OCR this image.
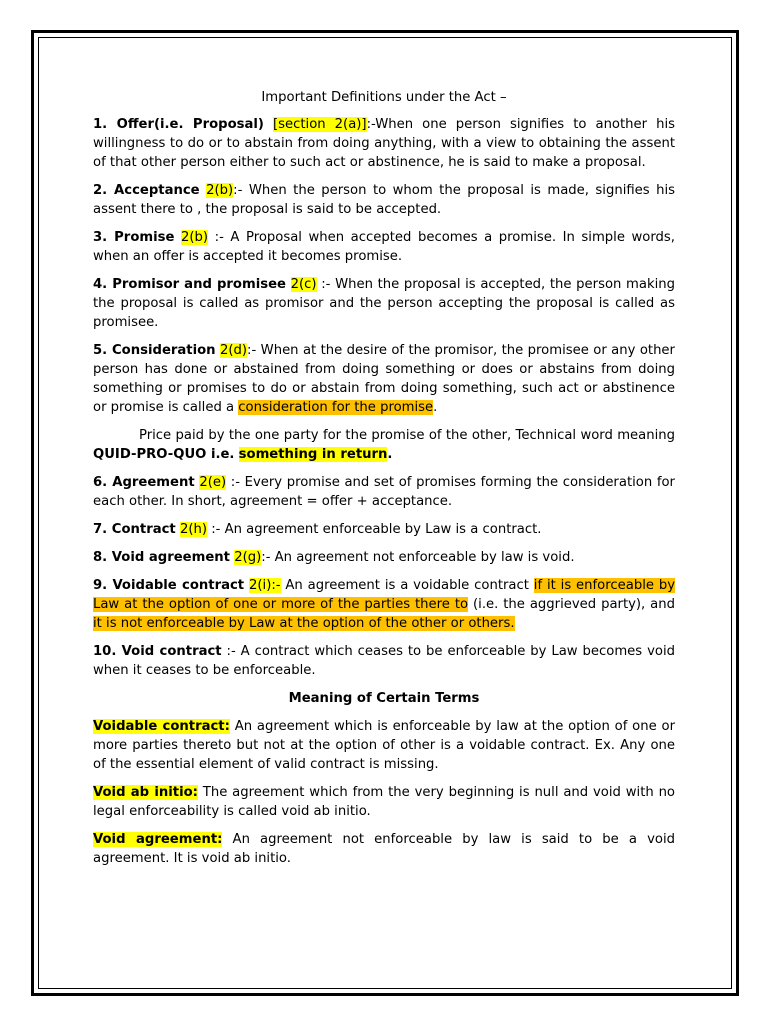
Important Definitions under the Act –

1. Offer(i.e. Proposal) [section 2(a)]:-When one person signifies to another his willingness to do or to abstain from doing anything, with a view to obtaining the assent of that other person either to such act or abstinence, he is said to make a proposal.

2. Acceptance 2(b):- When the person to whom the proposal is made, signifies his assent there to , the proposal is said to be accepted.

3. Promise 2(b) :- A Proposal when accepted becomes a promise. In simple words, when an offer is accepted it becomes promise.

4. Promisor and promisee 2(c) :- When the proposal is accepted, the person making the proposal is called as promisor and the person accepting the proposal is called as promisee.

5. Consideration 2(d):- When at the desire of the promisor, the promisee or any other person has done or abstained from doing something or does or abstains from doing something or promises to do or abstain from doing something, such act or abstinence or promise is called a consideration for the promise.

Price paid by the one party for the promise of the other, Technical word meaning QUID-PRO-QUO i.e. something in return.

6. Agreement 2(e) :- Every promise and set of promises forming the consideration for each other. In short, agreement = offer + acceptance.

7. Contract 2(h) :- An agreement enforceable by Law is a contract.

8. Void agreement 2(g):- An agreement not enforceable by law is void.

9. Voidable contract 2(i):- An agreement is a voidable contract if it is enforceable by Law at the option of one or more of the parties there to (i.e. the aggrieved party), and it is not enforceable by Law at the option of the other or others.

10. Void contract :- A contract which ceases to be enforceable by Law becomes void when it ceases to be enforceable.

Meaning of Certain Terms

Voidable contract: An agreement which is enforceable by law at the option of one or more parties thereto but not at the option of other is a voidable contract. Ex. Any one of the essential element of valid contract is missing.

Void ab initio: The agreement which from the very beginning is null and void with no legal enforceability is called void ab initio.

Void agreement: An agreement not enforceable by law is said to be a void agreement. It is void ab initio.
